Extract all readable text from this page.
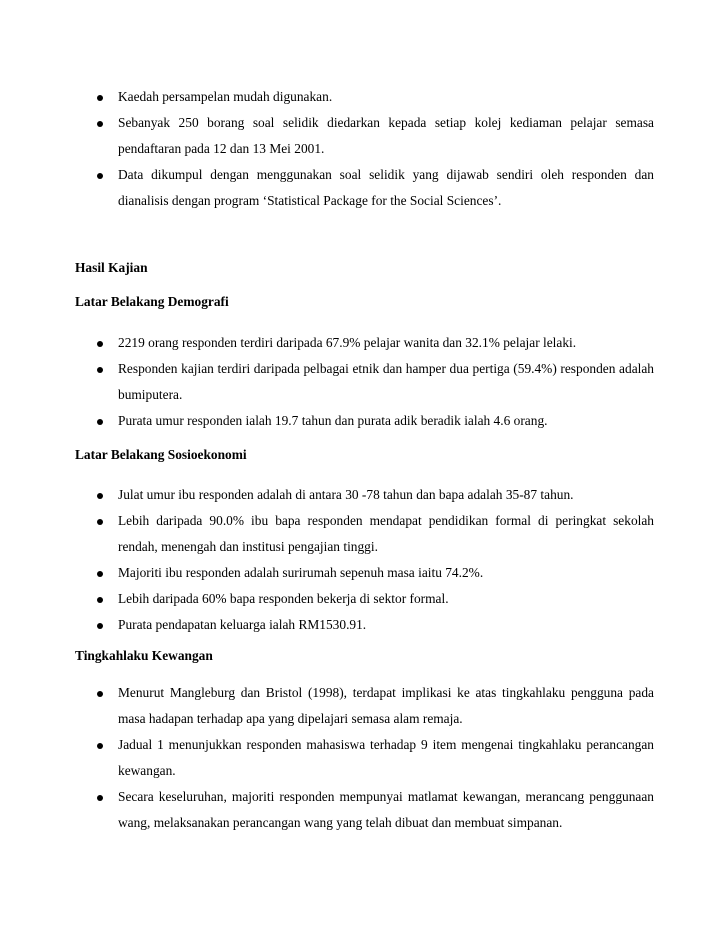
Kaedah persampelan mudah digunakan.
Sebanyak 250 borang soal selidik diedarkan kepada setiap kolej kediaman pelajar semasa pendaftaran pada 12 dan 13 Mei 2001.
Data dikumpul dengan menggunakan soal selidik yang dijawab sendiri oleh responden dan dianalisis dengan program ‘Statistical Package for the Social Sciences’.

Hasil Kajian

Latar Belakang Demografi

2219 orang responden terdiri daripada 67.9% pelajar wanita dan 32.1% pelajar lelaki.
Responden kajian terdiri daripada pelbagai etnik dan hamper dua pertiga (59.4%) responden adalah bumiputera.
Purata umur responden ialah 19.7 tahun dan purata adik beradik ialah 4.6 orang.

Latar Belakang Sosioekonomi

Julat umur ibu responden adalah di antara 30 -78 tahun dan bapa adalah 35-87 tahun.
Lebih daripada 90.0% ibu bapa responden mendapat pendidikan formal di peringkat sekolah rendah, menengah dan institusi pengajian tinggi.
Majoriti ibu responden adalah surirumah sepenuh masa iaitu 74.2%.
Lebih daripada 60% bapa responden bekerja di sektor formal.
Purata pendapatan keluarga ialah RM1530.91.

Tingkahlaku Kewangan

Menurut Mangleburg dan Bristol (1998), terdapat implikasi ke atas tingkahlaku pengguna pada masa hadapan terhadap apa yang dipelajari semasa alam remaja.
Jadual 1 menunjukkan responden mahasiswa terhadap 9 item mengenai tingkahlaku perancangan kewangan.
Secara keseluruhan, majoriti responden mempunyai matlamat kewangan, merancang penggunaan wang, melaksanakan perancangan wang yang telah dibuat dan membuat simpanan.
